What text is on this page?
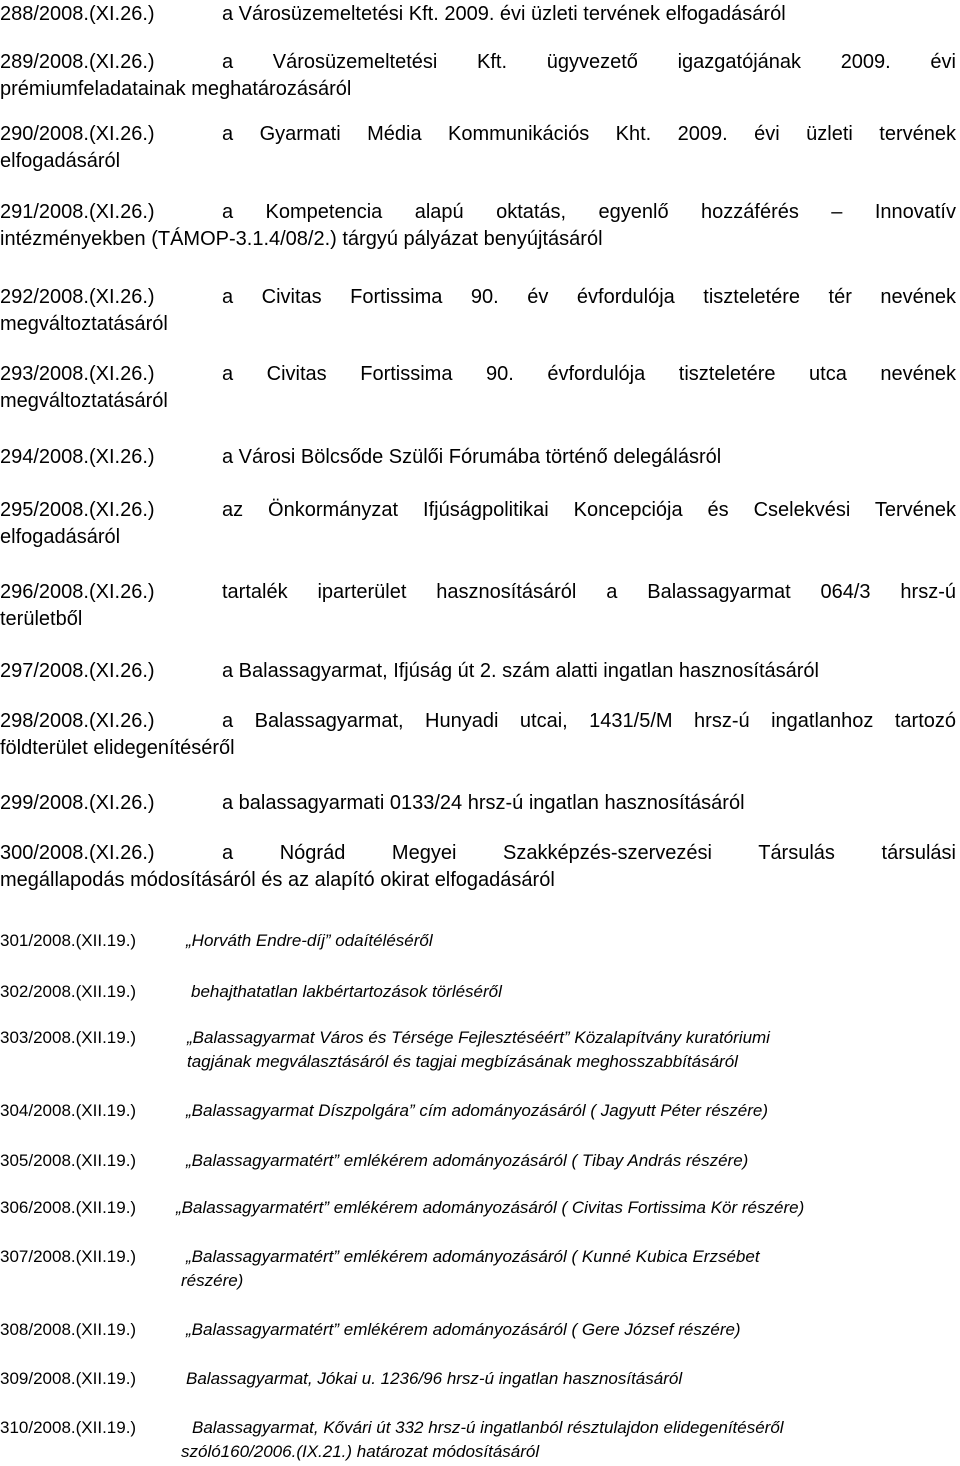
288/2008.(XI.26.)	a Városüzemeltetési Kft. 2009. évi üzleti tervének elfogadásáról
289/2008.(XI.26.)	a Városüzemeltetési Kft. ügyvezető igazgatójának 2009. évi
prémiumfeladatainak meghatározásáról
290/2008.(XI.26.)	a Gyarmati Média Kommunikációs Kht. 2009. évi üzleti tervének
elfogadásáról
291/2008.(XI.26.)	a Kompetencia alapú oktatás, egyenlő hozzáférés – Innovatív
intézményekben (TÁMOP-3.1.4/08/2.) tárgyú pályázat benyújtásáról
292/2008.(XI.26.)	a Civitas Fortissima 90. év évfordulója tiszteletére tér nevének
megváltoztatásáról
293/2008.(XI.26.)	a Civitas Fortissima 90. évfordulója tiszteletére utca nevének
megváltoztatásáról
294/2008.(XI.26.)	a Városi Bölcsőde Szülői Fórumába történő delegálásról
295/2008.(XI.26.)	az Önkormányzat Ifjúságpolitikai Koncepciója és Cselekvési Tervének
elfogadásáról
296/2008.(XI.26.)	tartalék iparterület hasznosításáról a Balassagyarmat 064/3 hrsz-ú
területből
297/2008.(XI.26.)	a Balassagyarmat, Ifjúság út 2. szám alatti ingatlan hasznosításáról
298/2008.(XI.26.)	a Balassagyarmat, Hunyadi utcai, 1431/5/M hrsz-ú ingatlanhoz tartozó
földterület elidegenítéséről
299/2008.(XI.26.)	a balassagyarmati 0133/24 hrsz-ú ingatlan hasznosításáról
300/2008.(XI.26.)	a Nógrád Megyei Szakképzés-szervezési Társulás társulási
megállapodás módosításáról és az alapító okirat elfogadásáról
301/2008.(XII.19.)	„Horváth Endre-díj” odaítéléséről
302/2008.(XII.19.)	behajthatatlan lakbértartozások törléséről
303/2008.(XII.19.)	„Balassagyarmat Város és Térsége Fejlesztéséért” Közalapítvány kuratóriumi
tagjának megválasztásáról és tagjai megbízásának meghosszabbításáról
304/2008.(XII.19.)	„Balassagyarmat Díszpolgára” cím adományozásáról ( Jagyutt Péter részére)
305/2008.(XII.19.)	„Balassagyarmatért” emlékérem adományozásáról ( Tibay András részére)
306/2008.(XII.19.) „Balassagyarmatért” emlékérem adományozásáról ( Civitas Fortissima Kör részére)
307/2008.(XII.19.)	„Balassagyarmatért” emlékérem adományozásáról ( Kunné Kubica Erzsébet
részére)
308/2008.(XII.19.)	„Balassagyarmatért” emlékérem adományozásáról ( Gere József részére)
309/2008.(XII.19.)	Balassagyarmat, Jókai u. 1236/96 hrsz-ú ingatlan hasznosításáról
310/2008.(XII.19.)	Balassagyarmat, Kővári út 332 hrsz-ú ingatlanból résztulajdon elidegenítéséről
szóló160/2006.(IX.21.) határozat módosításáról
